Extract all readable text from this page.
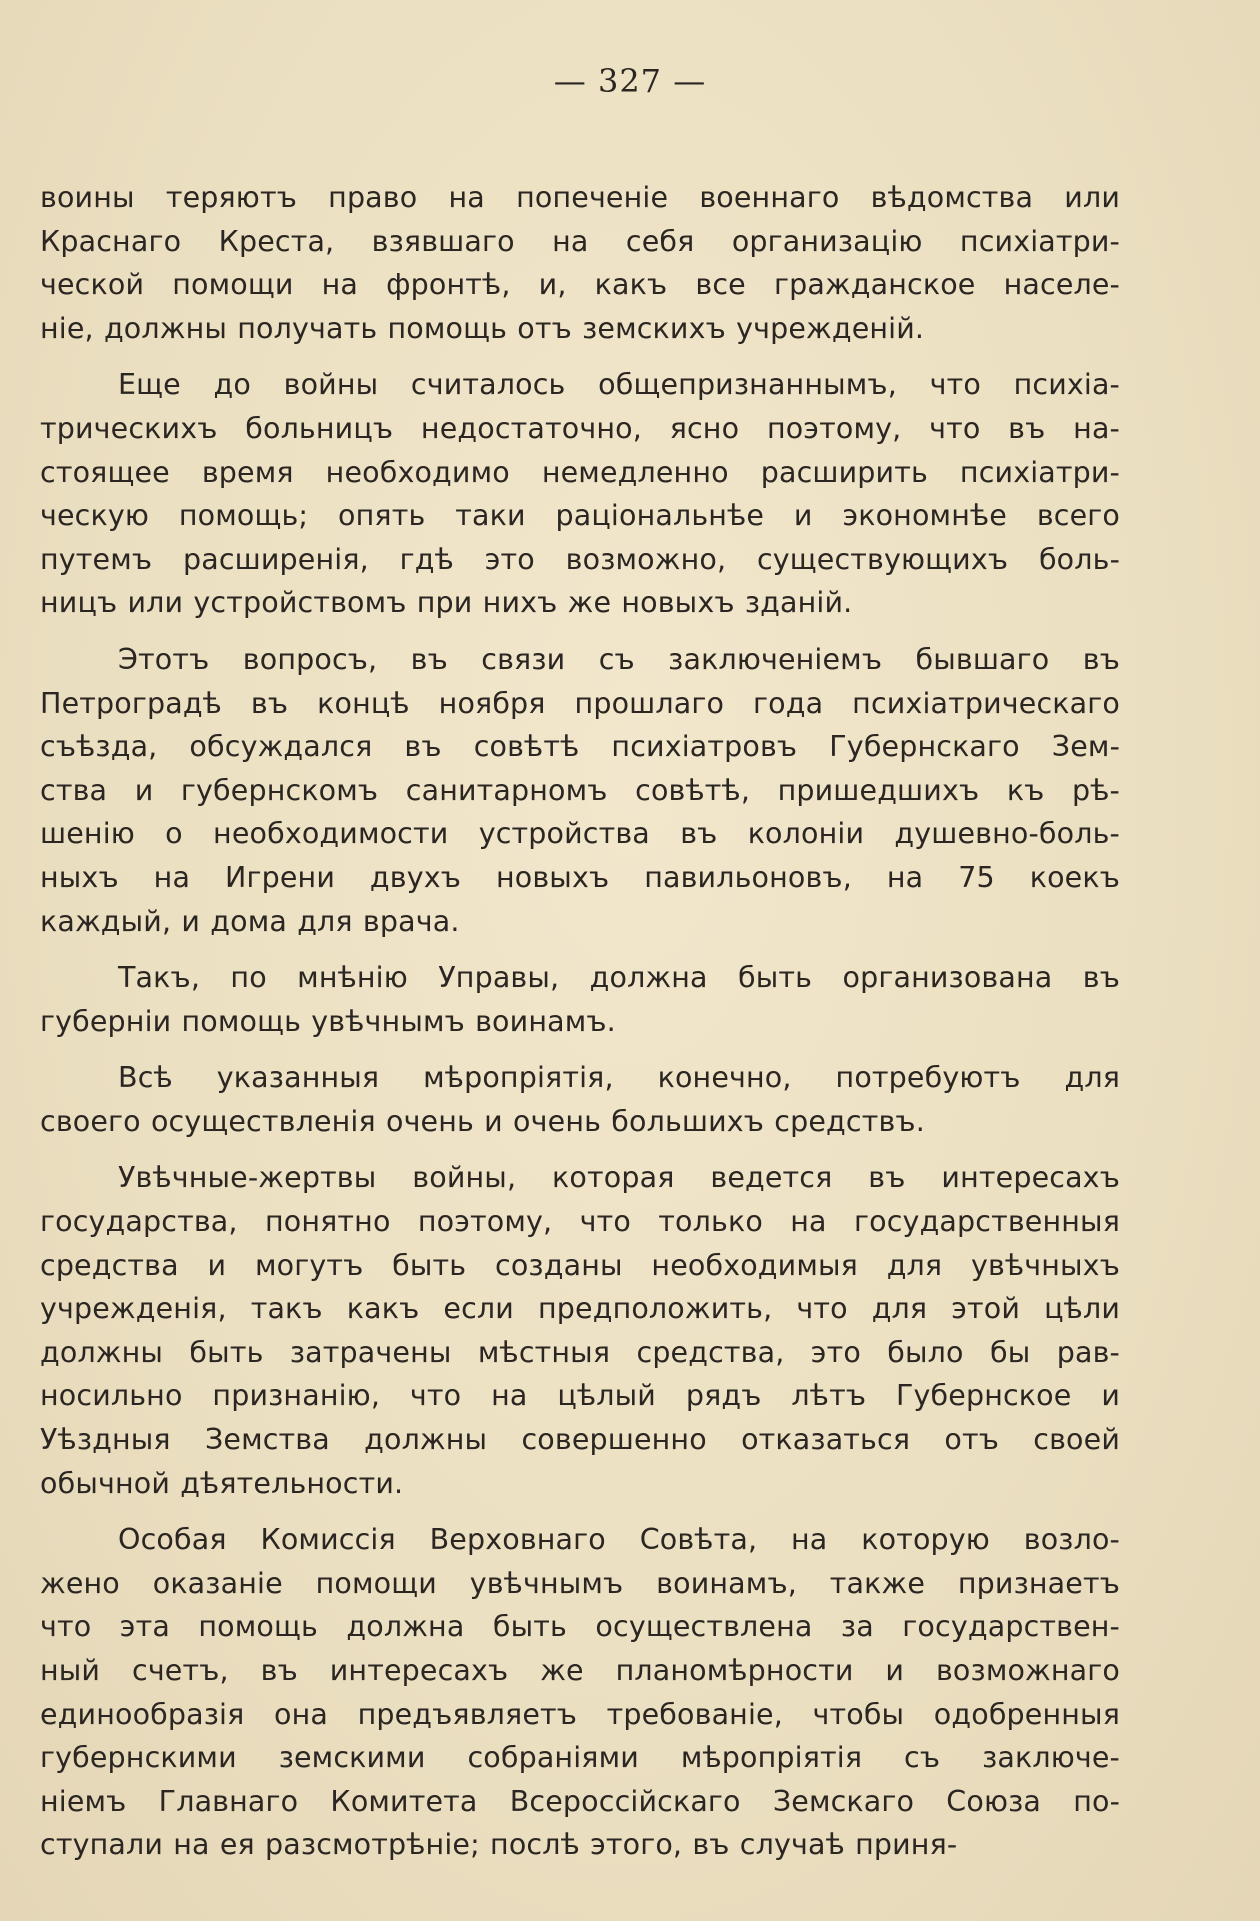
— 327 —
воины теряютъ право на попеченіе военнаго вѣдомства или
Краснаго Креста, взявшаго на себя организацію психіатри-
ческой помощи на фронтѣ, и, какъ все гражданское населе-
ніе, должны получать помощь отъ земскихъ учрежденій.
Еще до войны считалось общепризнаннымъ, что психіа-
трическихъ больницъ недостаточно, ясно поэтому, что въ на-
стоящее время необходимо немедленно расширить психіатри-
ческую помощь; опять таки раціональнѣе и экономнѣе всего
путемъ расширенія, гдѣ это возможно, существующихъ боль-
ницъ или устройствомъ при нихъ же новыхъ зданій.
Этотъ вопросъ, въ связи съ заключеніемъ бывшаго въ
Петроградѣ въ концѣ ноября прошлаго года психіатрическаго
съѣзда, обсуждался въ совѣтѣ психіатровъ Губернскаго Зем-
ства и губернскомъ санитарномъ совѣтѣ, пришедшихъ къ рѣ-
шенію о необходимости устройства въ колоніи душевно-боль-
ныхъ на Игрени двухъ новыхъ павильоновъ, на 75 коекъ
каждый, и дома для врача.
Такъ, по мнѣнію Управы, должна быть организована въ
губерніи помощь увѣчнымъ воинамъ.
Всѣ указанныя мѣропріятія, конечно, потребуютъ для
своего осуществленія очень и очень большихъ средствъ.
Увѣчные-жертвы войны, которая ведется въ интересахъ
государства, понятно поэтому, что только на государственныя
средства и могутъ быть созданы необходимыя для увѣчныхъ
учрежденія, такъ какъ если предположить, что для этой цѣли
должны быть затрачены мѣстныя средства, это было бы рав-
носильно признанію, что на цѣлый рядъ лѣтъ Губернское и
Уѣздныя Земства должны совершенно отказаться отъ своей
обычной дѣятельности.
Особая Комиссія Верховнаго Совѣта, на которую возло-
жено оказаніе помощи увѣчнымъ воинамъ, также признаетъ
что эта помощь должна быть осуществлена за государствен-
ный счетъ, въ интересахъ же планомѣрности и возможнаго
единообразія она предъявляетъ требованіе, чтобы одобренныя
губернскими земскими собраніями мѣропріятія съ заключе-
ніемъ Главнаго Комитета Всероссійскаго Земскаго Союза по-
ступали на ея разсмотрѣніе; послѣ этого, въ случаѣ приня-
